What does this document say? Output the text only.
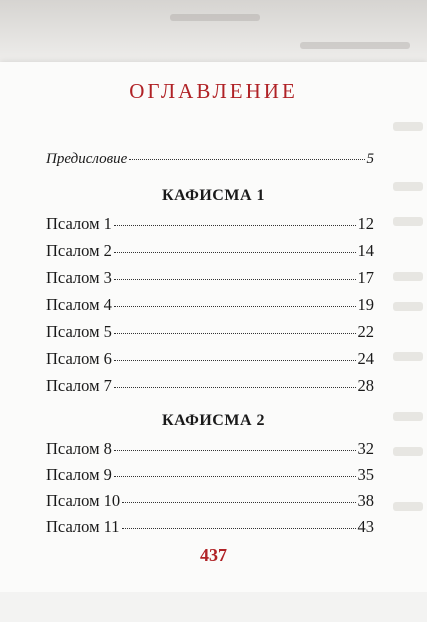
ОГЛАВЛЕНИЕ
Предисловие	5
КАФИСМА 1
Псалом 1	12
Псалом 2	14
Псалом 3	17
Псалом 4	19
Псалом 5	22
Псалом 6	24
Псалом 7	28
КАФИСМА 2
Псалом 8	32
Псалом 9	35
Псалом 10	38
Псалом 11	43
437
